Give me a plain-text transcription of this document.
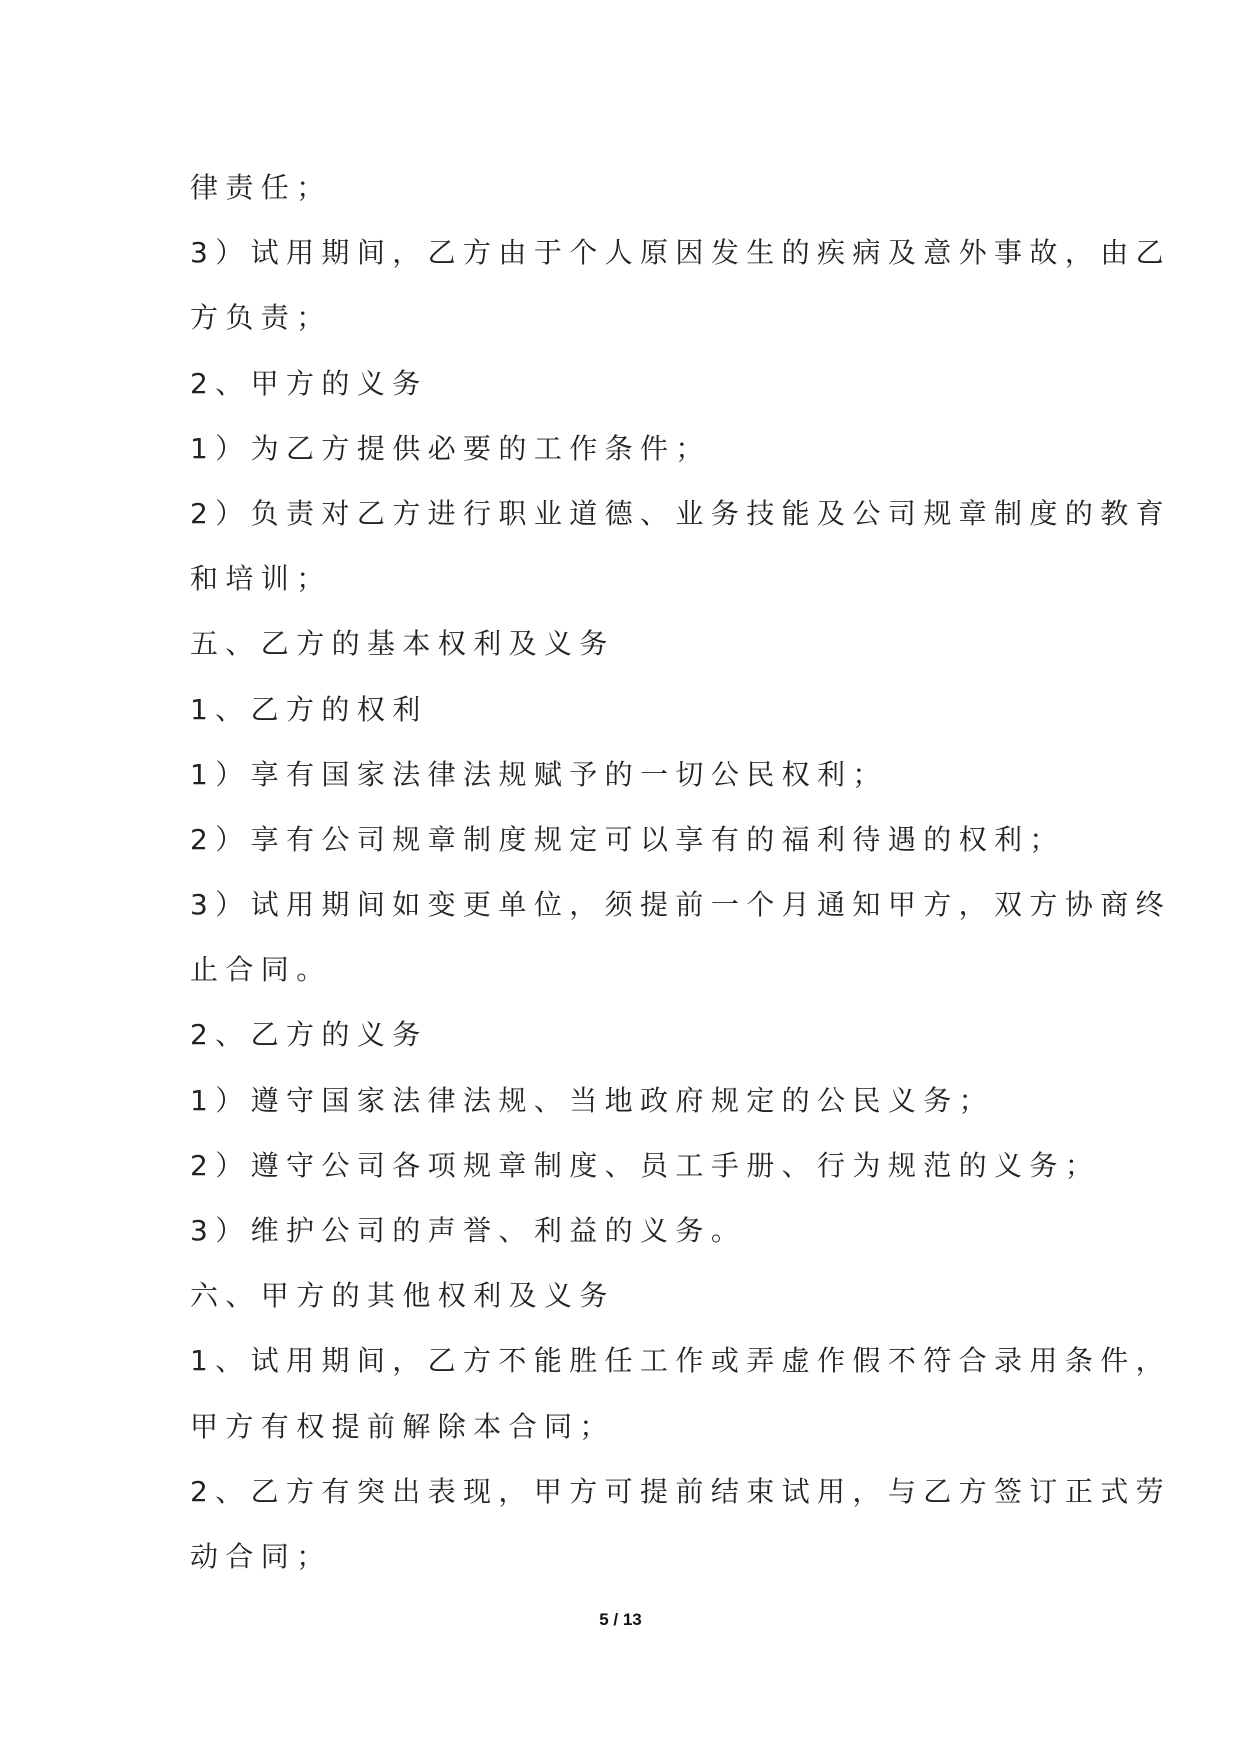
律责任；
3）试用期间，乙方由于个人原因发生的疾病及意外事故，由乙
方负责；
2、甲方的义务
1）为乙方提供必要的工作条件；
2）负责对乙方进行职业道德、业务技能及公司规章制度的教育
和培训；
五、乙方的基本权利及义务
1、乙方的权利
1）享有国家法律法规赋予的一切公民权利；
2）享有公司规章制度规定可以享有的福利待遇的权利；
3）试用期间如变更单位，须提前一个月通知甲方，双方协商终
止合同。
2、乙方的义务
1）遵守国家法律法规、当地政府规定的公民义务；
2）遵守公司各项规章制度、员工手册、行为规范的义务；
3）维护公司的声誉、利益的义务。
六、甲方的其他权利及义务
1、试用期间，乙方不能胜任工作或弄虚作假不符合录用条件，
甲方有权提前解除本合同；
2、乙方有突出表现，甲方可提前结束试用，与乙方签订正式劳
动合同；
5 / 13
